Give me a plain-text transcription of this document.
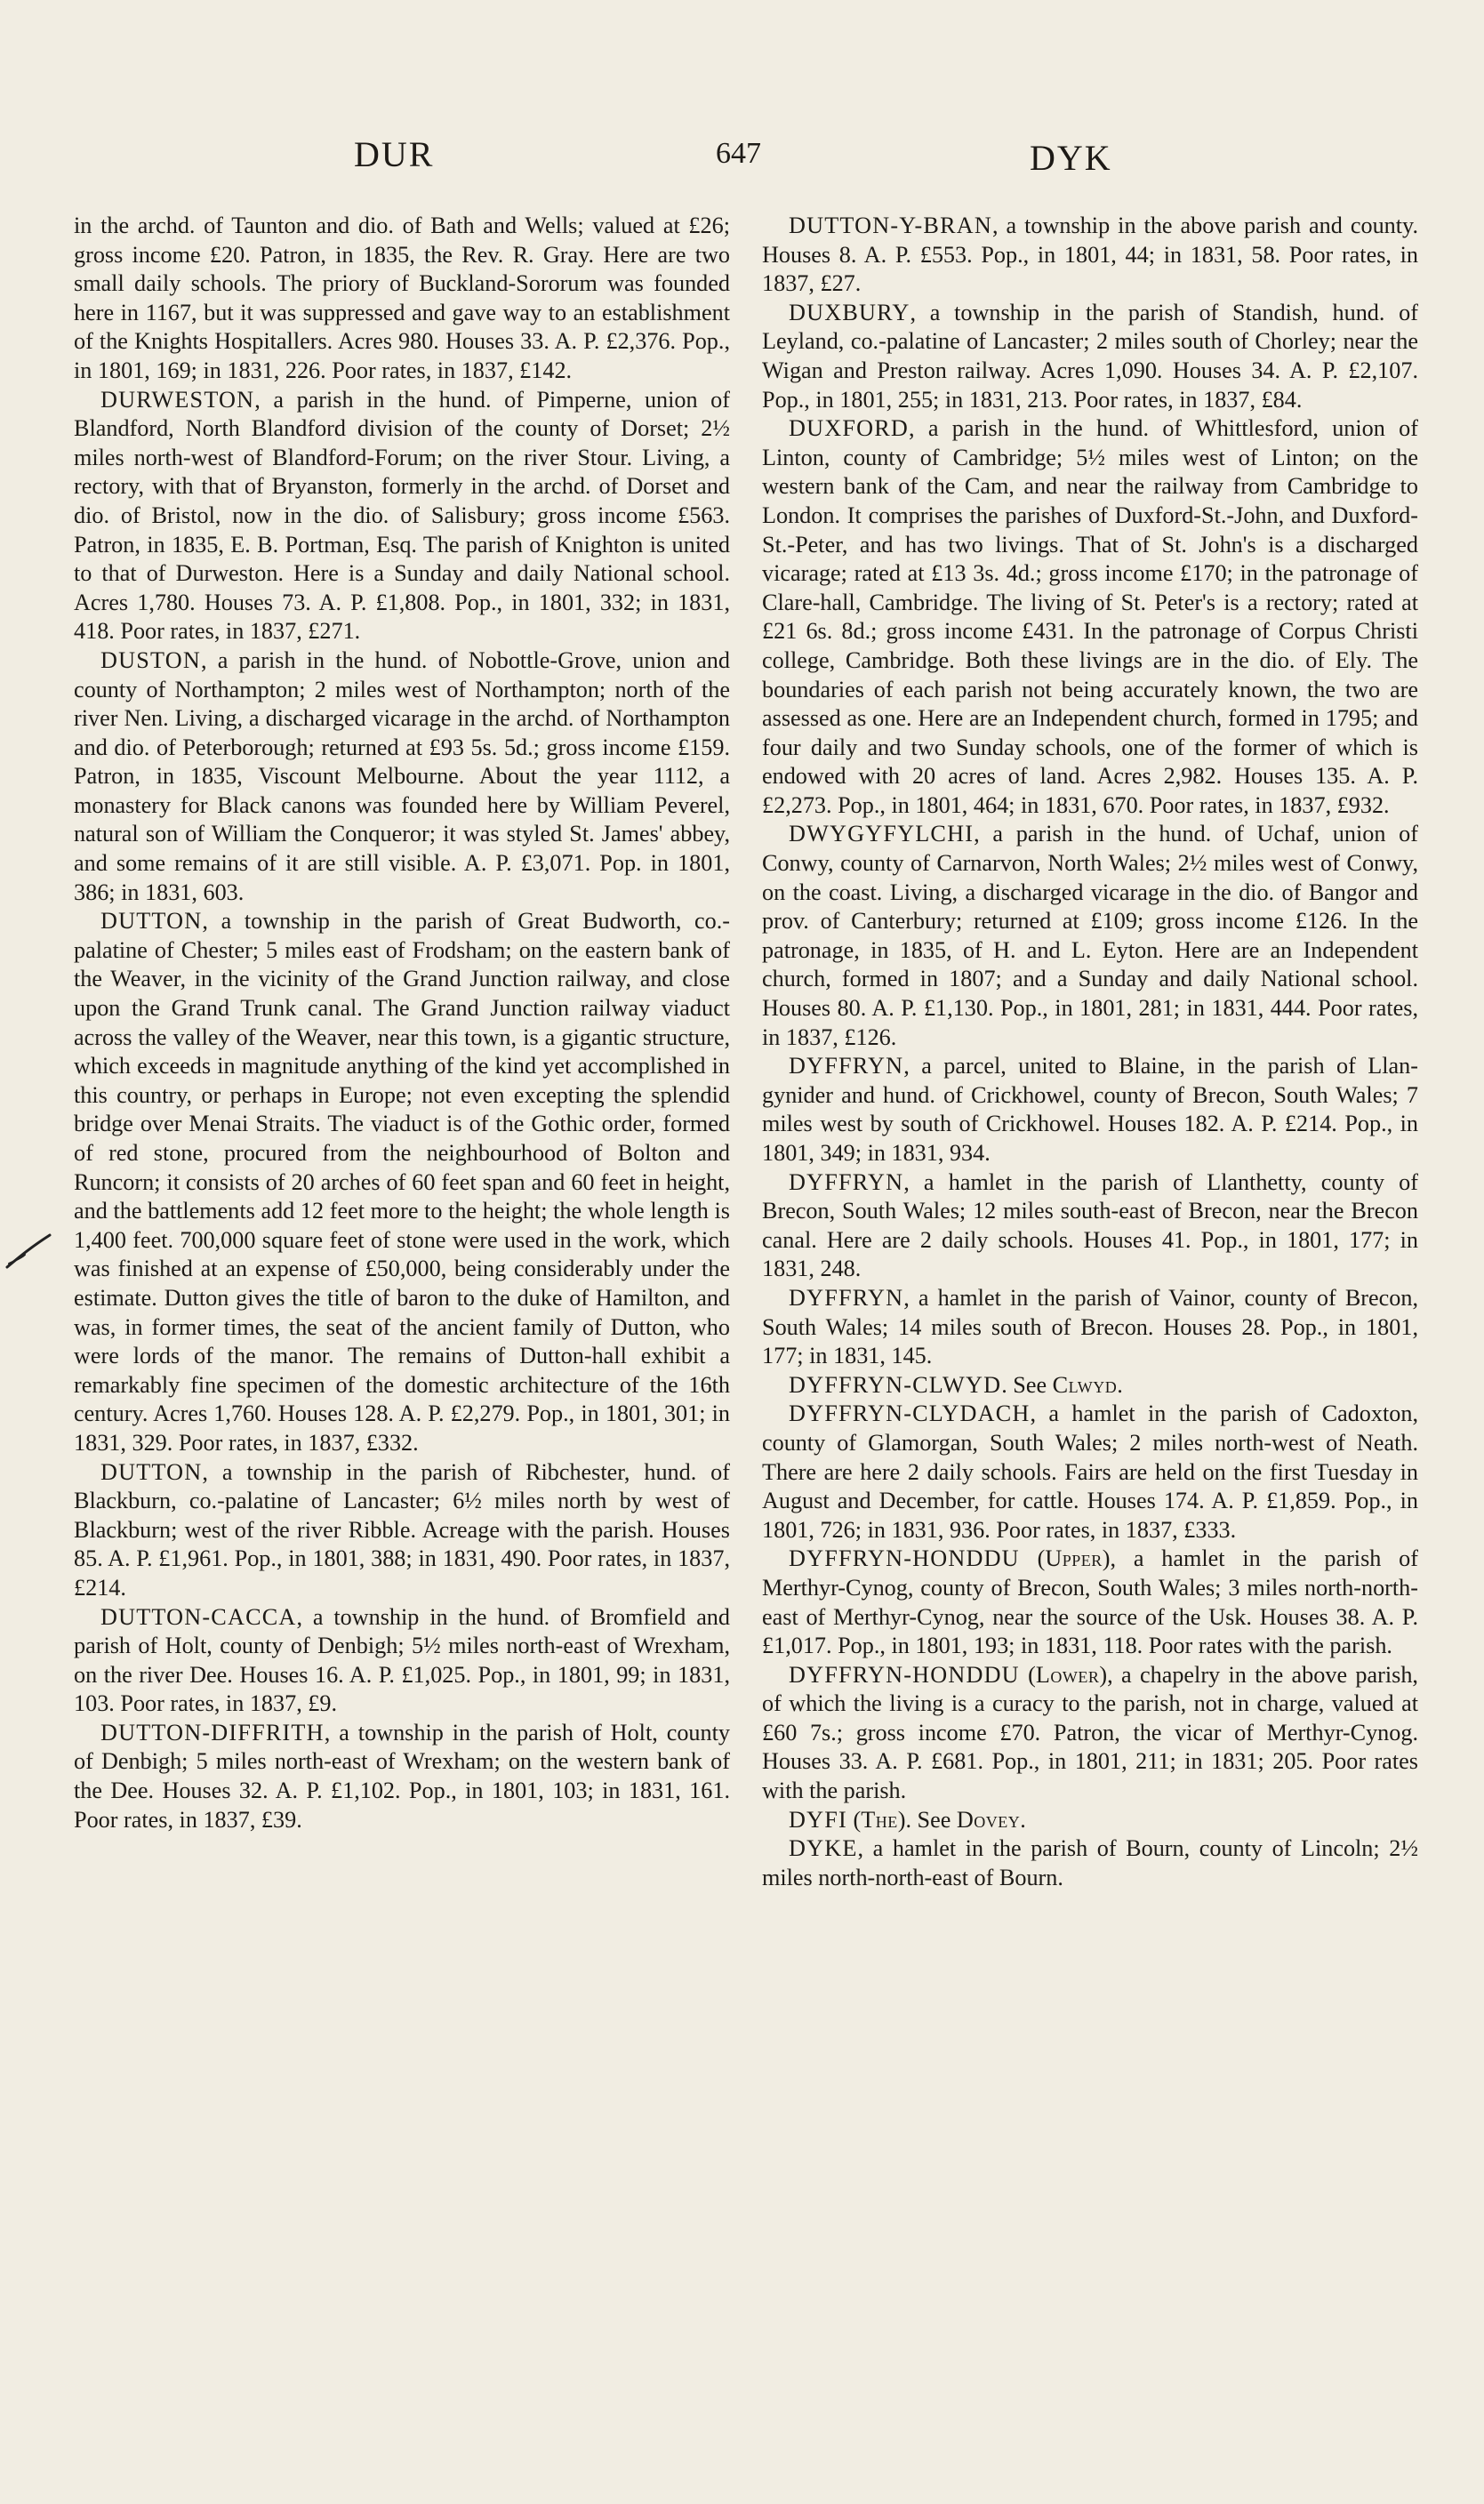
DUR	647	DYK

in the archd. of Taunton and dio. of Bath and Wells; valued at £26; gross income £20. Patron, in 1835, the Rev. R. Gray. Here are two small daily schools. The priory of Buckland-Sororum was founded here in 1167, but it was suppressed and gave way to an establishment of the Knights Hospitallers. Acres 980. Houses 33. A. P. £2,376. Pop., in 1801, 169; in 1831, 226. Poor rates, in 1837, £142.

DURWESTON, a parish in the hund. of Pimperne, union of Blandford, North Blandford division of the county of Dorset; 2½ miles north-west of Blandford-Forum; on the river Stour. Living, a rectory, with that of Bryanston, formerly in the archd. of Dorset and dio. of Bristol, now in the dio. of Salisbury; gross income £563. Patron, in 1835, E. B. Portman, Esq. The parish of Knighton is united to that of Durweston. Here is a Sunday and daily National school. Acres 1,780. Houses 73. A. P. £1,808. Pop., in 1801, 332; in 1831, 418. Poor rates, in 1837, £271.

DUSTON, a parish in the hund. of Nobottle-Grove, union and county of Northampton; 2 miles west of Northampton; north of the river Nen. Living, a discharged vicarage in the archd. of Northampton and dio. of Peterborough; returned at £93 5s. 5d.; gross income £159. Patron, in 1835, Viscount Melbourne. About the year 1112, a monastery for Black canons was founded here by William Peverel, natural son of William the Conqueror; it was styled St. James' abbey, and some remains of it are still visible. A. P. £3,071. Pop. in 1801, 386; in 1831, 603.

DUTTON, a township in the parish of Great Budworth, co.-palatine of Chester; 5 miles east of Frodsham; on the eastern bank of the Weaver, in the vicinity of the Grand Junction railway, and close upon the Grand Trunk canal. The Grand Junction railway viaduct across the valley of the Weaver, near this town, is a gigantic structure, which exceeds in magnitude anything of the kind yet accomplished in this country, or perhaps in Europe; not even excepting the splendid bridge over Menai Straits. The viaduct is of the Gothic order, formed of red stone, procured from the neighbourhood of Bolton and Runcorn; it consists of 20 arches of 60 feet span and 60 feet in height, and the battlements add 12 feet more to the height; the whole length is 1,400 feet. 700,000 square feet of stone were used in the work, which was finished at an expense of £50,000, being considerably under the estimate. Dutton gives the title of baron to the duke of Hamilton, and was, in former times, the seat of the ancient family of Dutton, who were lords of the manor. The remains of Dutton-hall exhibit a remarkably fine specimen of the domestic architecture of the 16th century. Acres 1,760. Houses 128. A. P. £2,279. Pop., in 1801, 301; in 1831, 329. Poor rates, in 1837, £332.

DUTTON, a township in the parish of Ribchester, hund. of Blackburn, co.-palatine of Lancaster; 6½ miles north by west of Blackburn; west of the river Ribble. Acreage with the parish. Houses 85. A. P. £1,961. Pop., in 1801, 388; in 1831, 490. Poor rates, in 1837, £214.

DUTTON-CACCA, a township in the hund. of Bromfield and parish of Holt, county of Denbigh; 5½ miles north-east of Wrexham, on the river Dee. Houses 16. A. P. £1,025. Pop., in 1801, 99; in 1831, 103. Poor rates, in 1837, £9.

DUTTON-DIFFRITH, a township in the parish of Holt, county of Denbigh; 5 miles north-east of Wrexham; on the western bank of the Dee. Houses 32. A. P. £1,102. Pop., in 1801, 103; in 1831, 161. Poor rates, in 1837, £39.

DUTTON-Y-BRAN, a township in the above parish and county. Houses 8. A. P. £553. Pop., in 1801, 44; in 1831, 58. Poor rates, in 1837, £27.

DUXBURY, a township in the parish of Standish, hund. of Leyland, co.-palatine of Lancaster; 2 miles south of Chorley; near the Wigan and Preston railway. Acres 1,090. Houses 34. A. P. £2,107. Pop., in 1801, 255; in 1831, 213. Poor rates, in 1837, £84.

DUXFORD, a parish in the hund. of Whittlesford, union of Linton, county of Cambridge; 5½ miles west of Linton; on the western bank of the Cam, and near the railway from Cambridge to London. It comprises the parishes of Duxford-St.-John, and Duxford-St.-Peter, and has two livings. That of St. John's is a discharged vicarage; rated at £13 3s. 4d.; gross income £170; in the patronage of Clare-hall, Cambridge. The living of St. Peter's is a rectory; rated at £21 6s. 8d.; gross income £431. In the patronage of Corpus Christi college, Cambridge. Both these livings are in the dio. of Ely. The boundaries of each parish not being accurately known, the two are assessed as one. Here are an Independent church, formed in 1795; and four daily and two Sunday schools, one of the former of which is endowed with 20 acres of land. Acres 2,982. Houses 135. A. P. £2,273. Pop., in 1801, 464; in 1831, 670. Poor rates, in 1837, £932.

DWYGYFYLCHI, a parish in the hund. of Uchaf, union of Conwy, county of Carnarvon, North Wales; 2½ miles west of Conwy, on the coast. Living, a discharged vicarage in the dio. of Bangor and prov. of Canterbury; returned at £109; gross income £126. In the patronage, in 1835, of H. and L. Eyton. Here are an Independent church, formed in 1807; and a Sunday and daily National school. Houses 80. A. P. £1,130. Pop., in 1801, 281; in 1831, 444. Poor rates, in 1837, £126.

DYFFRYN, a parcel, united to Blaine, in the parish of Llan-gynider and hund. of Crickhowel, county of Brecon, South Wales; 7 miles west by south of Crickhowel. Houses 182. A. P. £214. Pop., in 1801, 349; in 1831, 934.

DYFFRYN, a hamlet in the parish of Llanthetty, county of Brecon, South Wales; 12 miles south-east of Brecon, near the Brecon canal. Here are 2 daily schools. Houses 41. Pop., in 1801, 177; in 1831, 248.

DYFFRYN, a hamlet in the parish of Vainor, county of Brecon, South Wales; 14 miles south of Brecon. Houses 28. Pop., in 1801, 177; in 1831, 145.

DYFFRYN-CLWYD. See Clwyd.

DYFFRYN-CLYDACH, a hamlet in the parish of Cadoxton, county of Glamorgan, South Wales; 2 miles north-west of Neath. There are here 2 daily schools. Fairs are held on the first Tuesday in August and December, for cattle. Houses 174. A. P. £1,859. Pop., in 1801, 726; in 1831, 936. Poor rates, in 1837, £333.

DYFFRYN-HONDDU (Upper), a hamlet in the parish of Merthyr-Cynog, county of Brecon, South Wales; 3 miles north-north-east of Merthyr-Cynog, near the source of the Usk. Houses 38. A. P. £1,017. Pop., in 1801, 193; in 1831, 118. Poor rates with the parish.

DYFFRYN-HONDDU (Lower), a chapelry in the above parish, of which the living is a curacy to the parish, not in charge, valued at £60 7s.; gross income £70. Patron, the vicar of Merthyr-Cynog. Houses 33. A. P. £681. Pop., in 1801, 211; in 1831; 205. Poor rates with the parish.

DYFI (The). See Dovey.

DYKE, a hamlet in the parish of Bourn, county of Lincoln; 2½ miles north-north-east of Bourn.
